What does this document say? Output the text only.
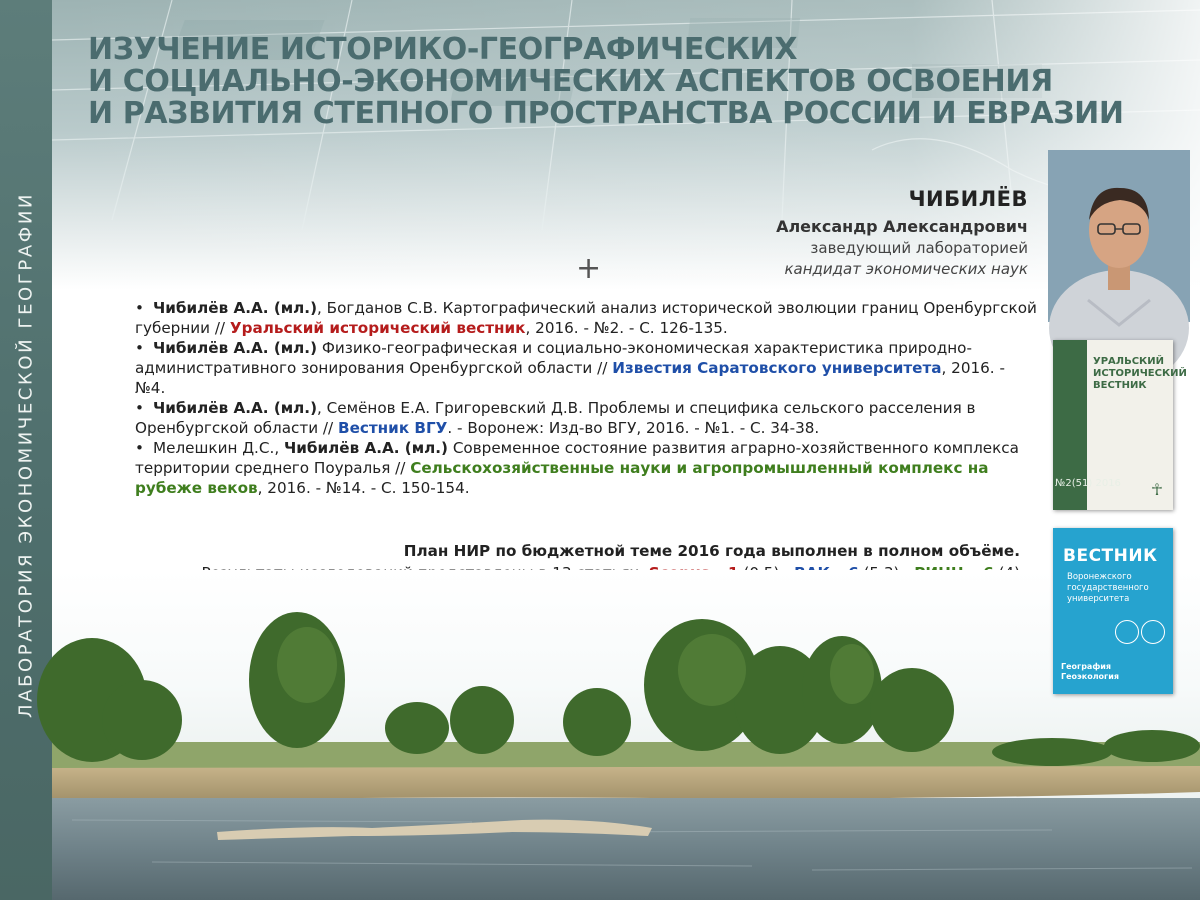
ЛАБОРАТОРИЯ ЭКОНОМИЧЕСКОЙ ГЕОГРАФИИ
ИЗУЧЕНИЕ ИСТОРИКО-ГЕОГРАФИЧЕСКИХ
И СОЦИАЛЬНО-ЭКОНОМИЧЕСКИХ АСПЕКТОВ ОСВОЕНИЯ
И РАЗВИТИЯ СТЕПНОГО ПРОСТРАНСТВА РОССИИ И ЕВРАЗИИ
ЧИБИЛЁВ
Александр Александрович
заведующий лабораторией
кандидат экономических наук
+
• Чибилёв А.А. (мл.), Богданов С.В. Картографический анализ исторической эволюции границ Оренбургской губернии // Уральский исторический вестник, 2016. - №2. - С. 126-135.
• Чибилёв А.А. (мл.) Физико-географическая и социально-экономическая характеристика природно-административного зонирования Оренбургской области // Известия Саратовского университета, 2016. - №4.
• Чибилёв А.А. (мл.), Семёнов Е.А. Григоревский Д.В. Проблемы и специфика сельского расселения в Оренбургской области // Вестник ВГУ. - Воронеж: Изд-во ВГУ, 2016. - №1. - С. 34-38.
• Мелешкин Д.С., Чибилёв А.А. (мл.) Современное состояние развития аграрно-хозяйственного комплекса территории среднего Поуралья // Сельскохозяйственные науки и агропромышленный комплекс на рубеже веков, 2016. - №14. - С. 150-154.
План НИР по бюджетной теме 2016 года выполнен в полном объёме.
УРАЛЬСКИЙ ИСТОРИЧЕСКИЙ ВЕСТНИК
№2(51) 2016 ☥
ВЕСТНИК
Воронежского государственного университета
География Геоэкология
